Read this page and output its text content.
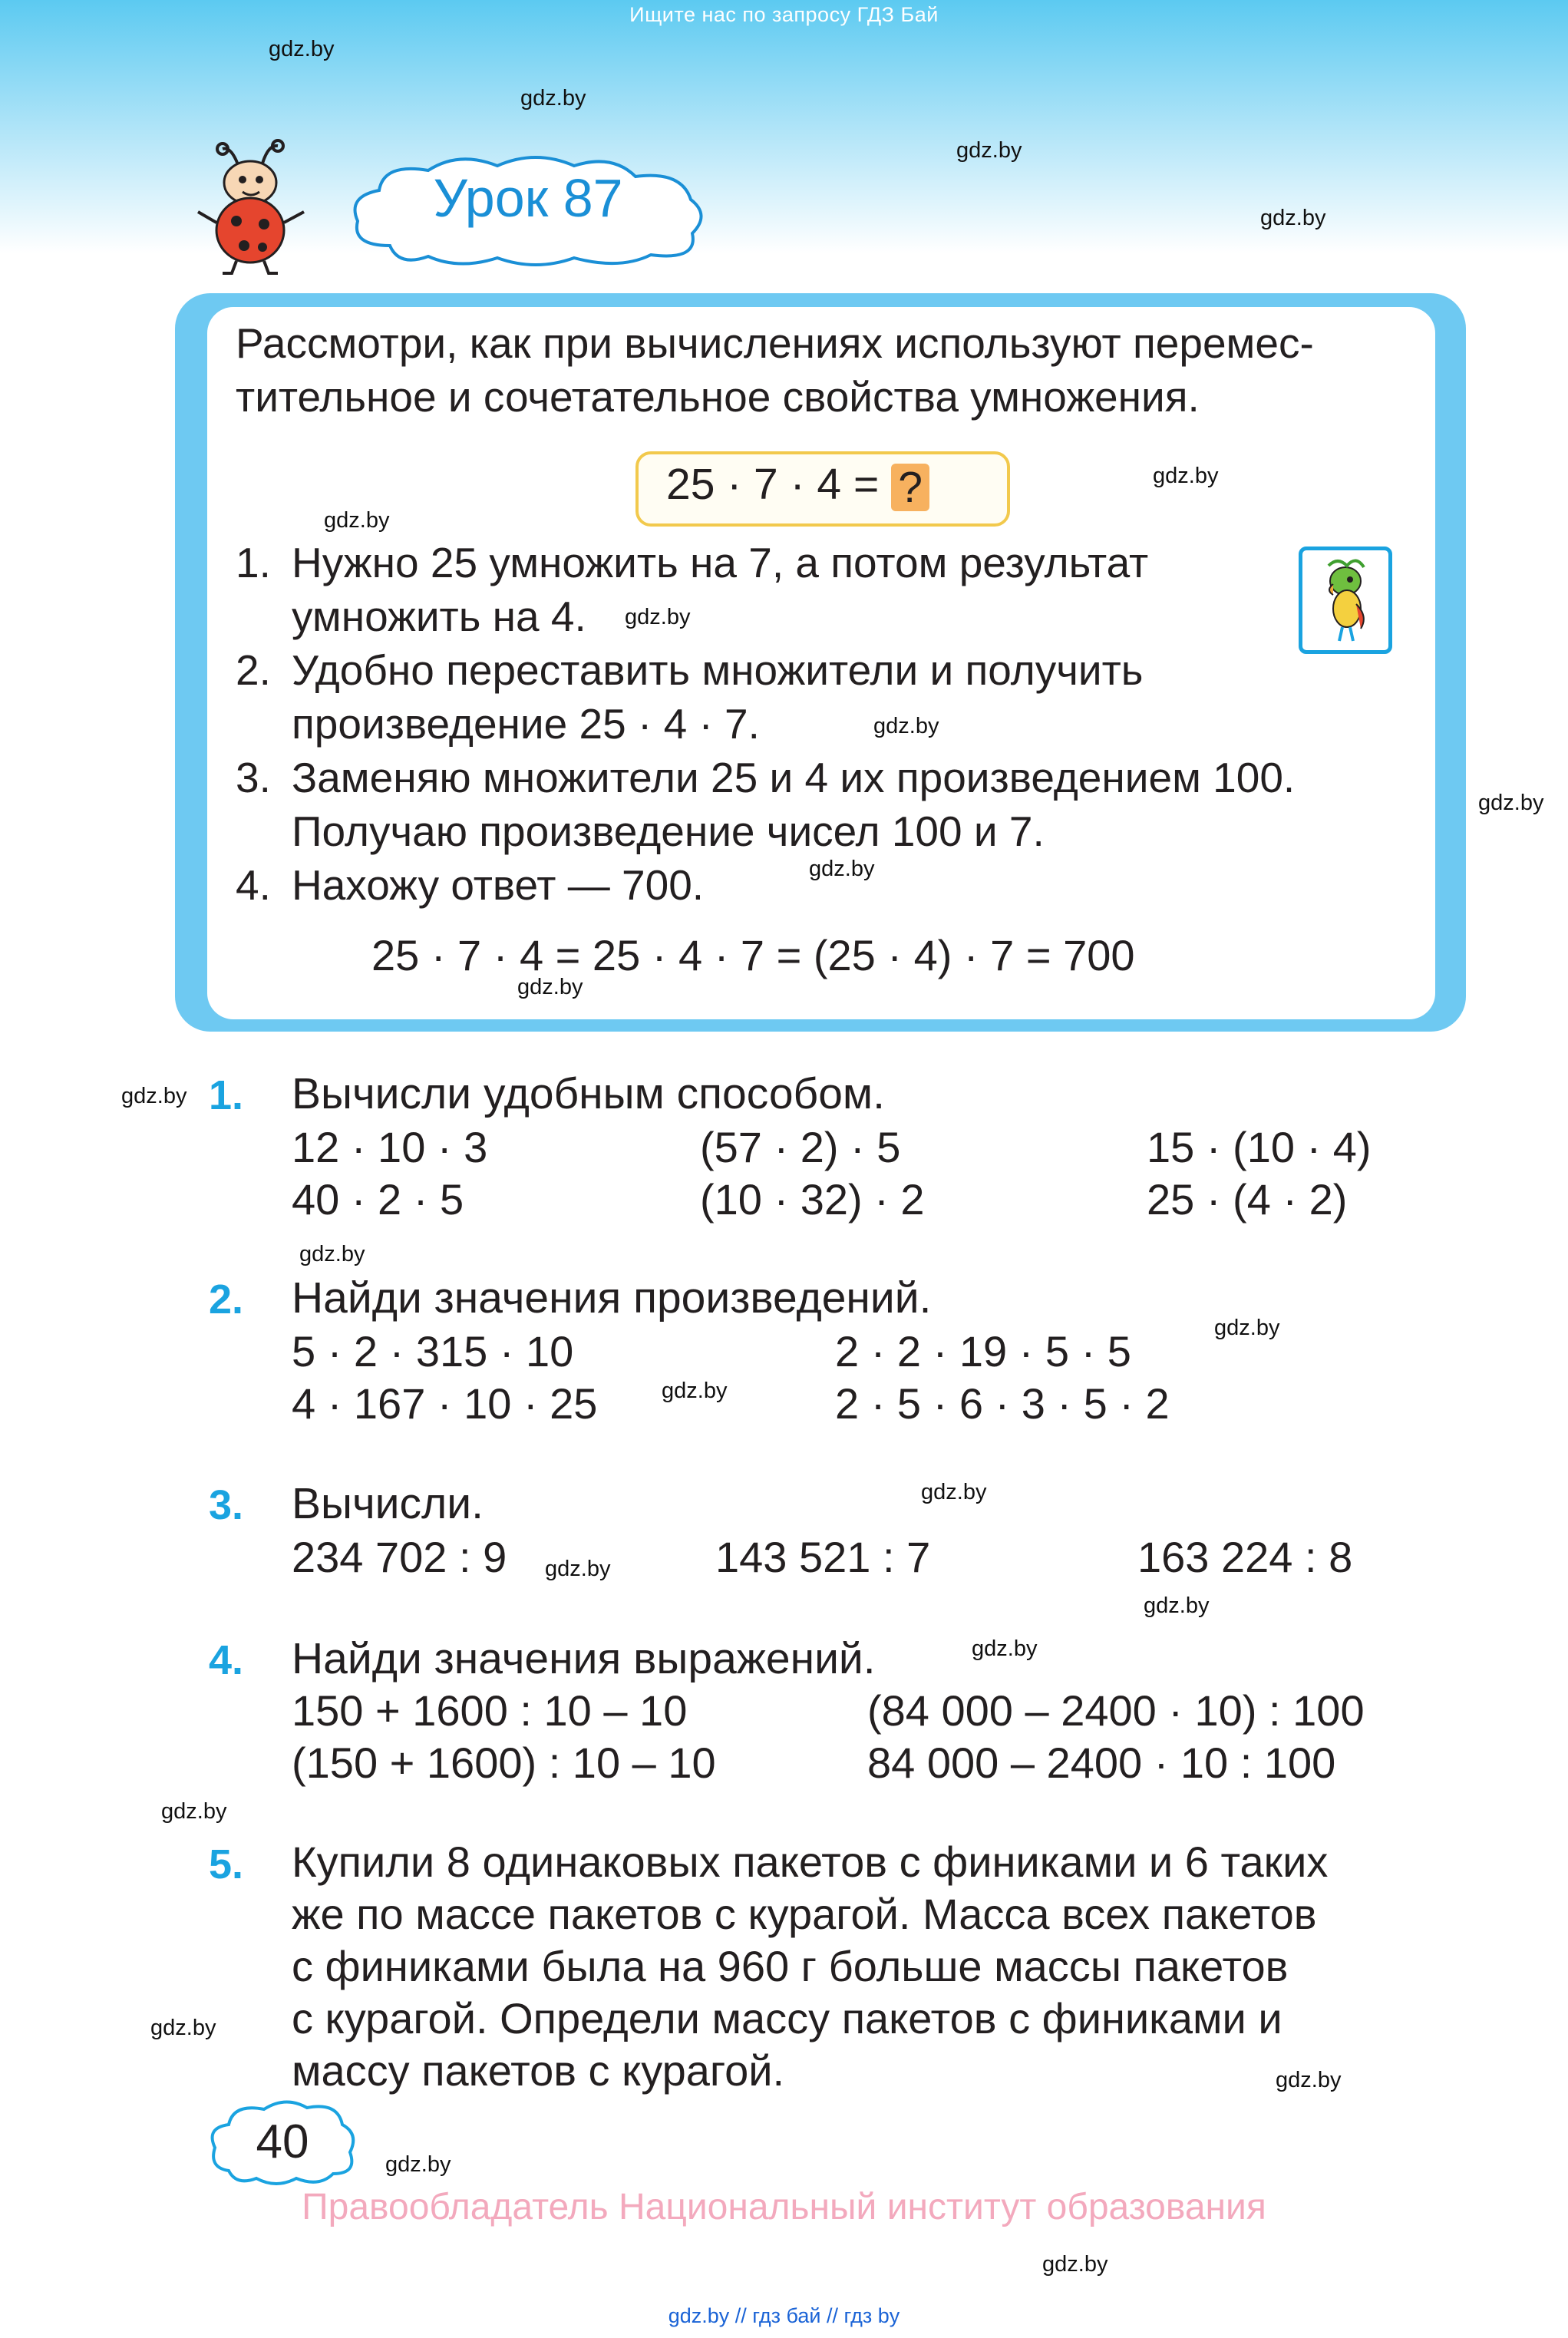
Ищите нас по запросу ГДЗ Бай
Урок 87
Рассмотри, как при вычислениях используют перемес-
тительное и сочетательное свойства умножения.
25 · 7 · 4 = ?
Нужно 25 умножить на 7, а потом результат
1.
умножить на 4.
2. Удобно переставить множители и получить
произведение 25 · 4 · 7.
3. Заменяю множители 25 и 4 их произведением 100.
Получаю произведение чисел 100 и 7.
4. Нахожу ответ — 700.
25 · 7 · 4 = 25 · 4 · 7 = (25 · 4) · 7 = 700
1. Вычисли удобным способом.
12 · 10 · 3	(57 · 2) · 5	15 · (10 · 4)
40 · 2 · 5	(10 · 32) · 2	25 · (4 · 2)
2. Найди значения произведений.
5 · 2 · 315 · 10	2 · 2 · 19 · 5 · 5
4 · 167 · 10 · 25	2 · 5 · 6 · 3 · 5 · 2
3. Вычисли.
234 702 : 9	143 521 : 7	163 224 : 8
4. Найди значения выражений.
150 + 1600 : 10 – 10	(84 000 – 2400 · 10) : 100
(150 + 1600) : 10 – 10	84 000 – 2400 · 10 : 100
5. Купили 8 одинаковых пакетов с финиками и 6 таких
же по массе пакетов с курагой. Масса всех пакетов
с финиками была на 960 г больше массы пакетов
с курагой. Определи массу пакетов с финиками и
массу пакетов с курагой.
40
Правообладатель Национальный институт образования
gdz.by // гдз бай // гдз by
gdz.by
gdz.by
gdz.by
gdz.by
gdz.by
gdz.by
gdz.by
gdz.by
gdz.by
gdz.by
gdz.by
gdz.by
gdz.by
gdz.by
gdz.by
gdz.by
gdz.by
gdz.by
gdz.by
gdz.by
gdz.by
gdz.by
gdz.by
gdz.by
